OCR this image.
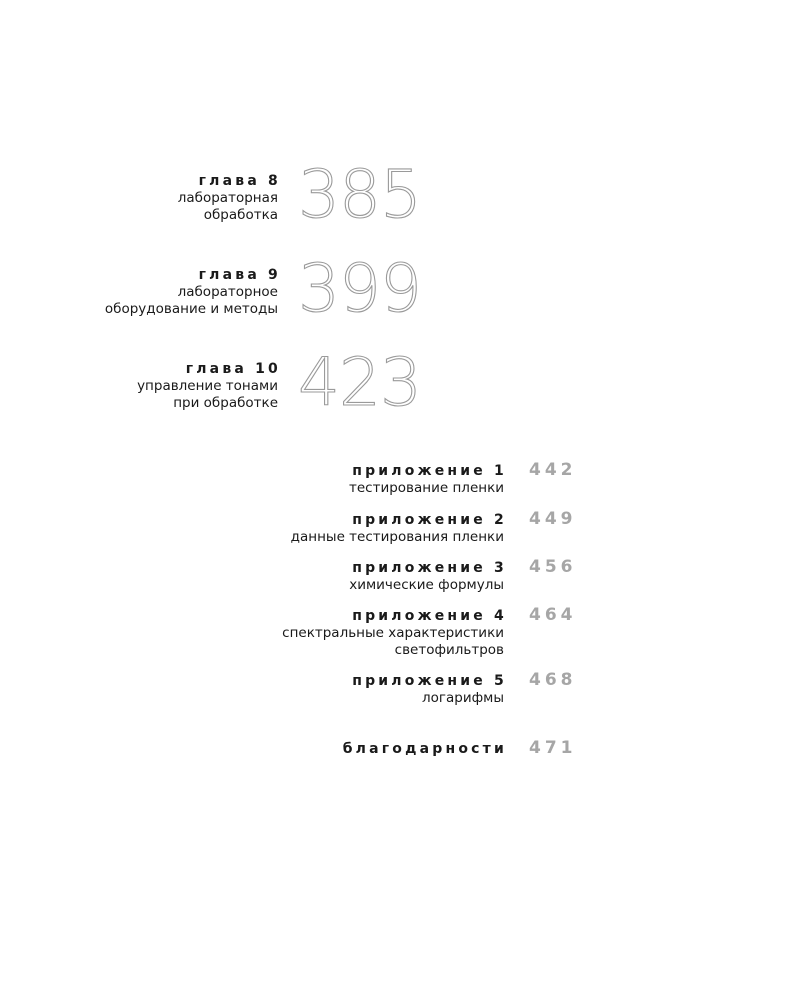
глава 8
лабораторная
обработка 385
глава 9
лабораторное
оборудование и методы 399
глава 10
управление тонами
при обработке 423
приложение 1
тестирование пленки
442
приложение 2
данные тестирования пленки
449
приложение 3
химические формулы
456
приложение 4
спектральные характеристики
светофильтров
464
приложение 5
логарифмы
468
благодарности 471
